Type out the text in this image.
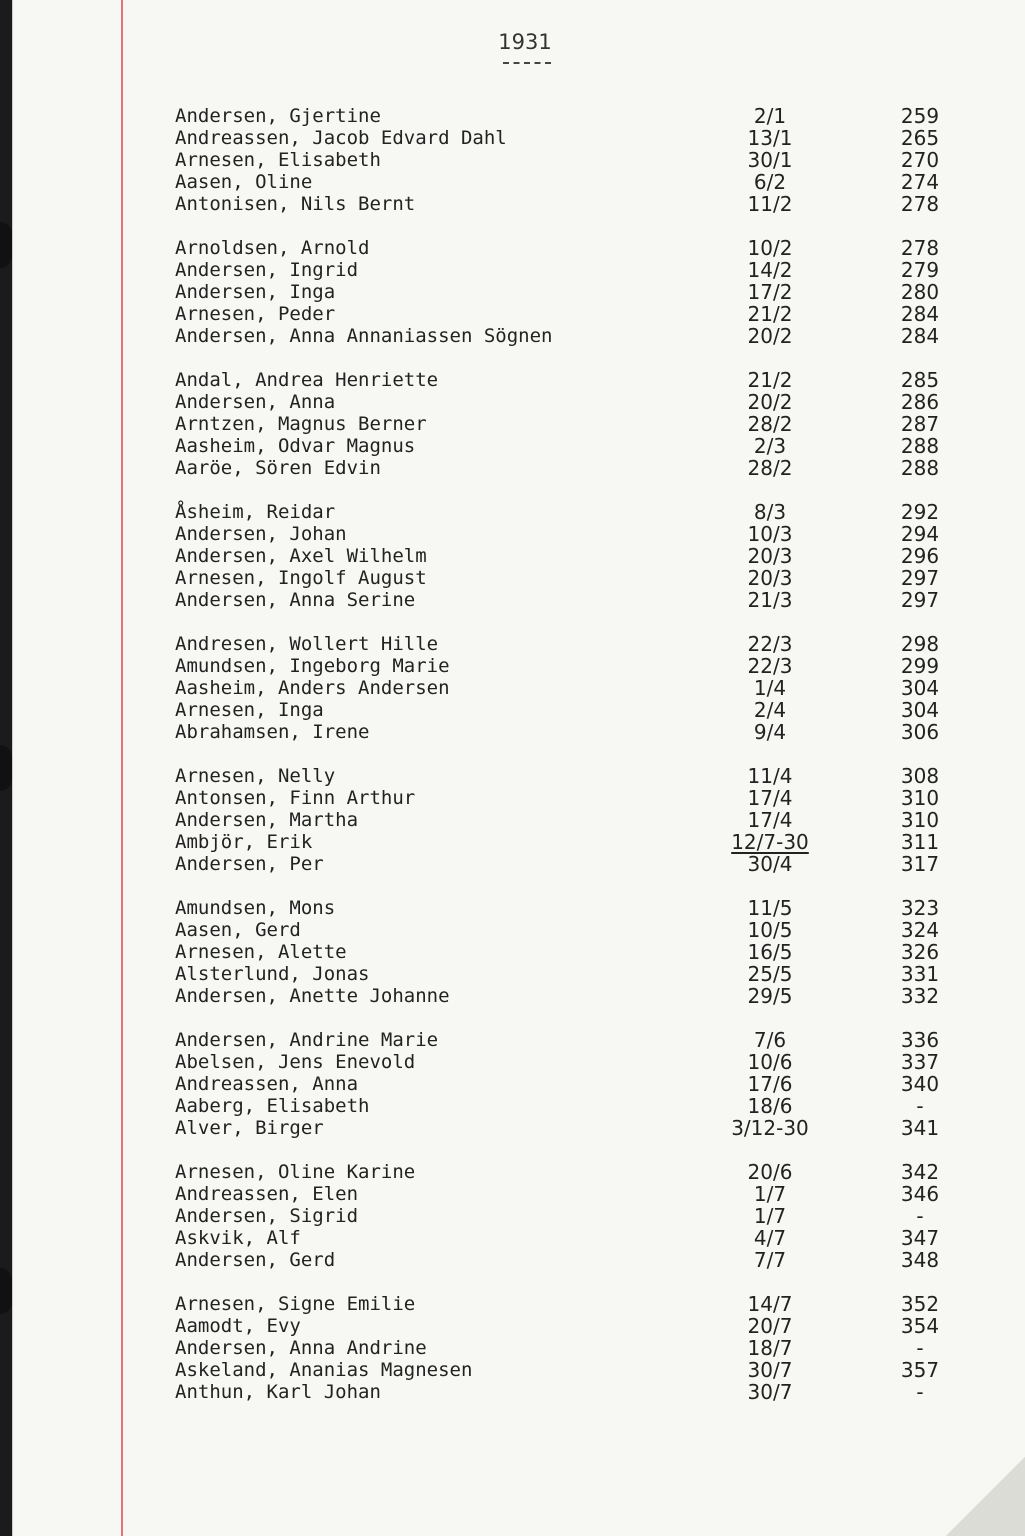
1931
Andersen, Gjertine	2/1	259
Andreassen, Jacob Edvard Dahl	13/1	265
Arnesen, Elisabeth	30/1	270
Aasen, Oline	6/2	274
Antonisen, Nils Bernt	11/2	278
Arnoldsen, Arnold	10/2	278
Andersen, Ingrid	14/2	279
Andersen, Inga	17/2	280
Arnesen, Peder	21/2	284
Andersen, Anna Annaniassen Sögnen	20/2	284
Andal, Andrea Henriette	21/2	285
Andersen, Anna	20/2	286
Arntzen, Magnus Berner	28/2	287
Aasheim, Odvar Magnus	2/3	288
Aaröe, Sören Edvin	28/2	288
Åsheim, Reidar	8/3	292
Andersen, Johan	10/3	294
Andersen, Axel Wilhelm	20/3	296
Arnesen, Ingolf August	20/3	297
Andersen, Anna Serine	21/3	297
Andresen, Wollert Hille	22/3	298
Amundsen, Ingeborg Marie	22/3	299
Aasheim, Anders Andersen	1/4	304
Arnesen, Inga	2/4	304
Abrahamsen, Irene	9/4	306
Arnesen, Nelly	11/4	308
Antonsen, Finn Arthur	17/4	310
Andersen, Martha	17/4	310
Ambjör, Erik	12/7-30	311
Andersen, Per	30/4	317
Amundsen, Mons	11/5	323
Aasen, Gerd	10/5	324
Arnesen, Alette	16/5	326
Alsterlund, Jonas	25/5	331
Andersen, Anette Johanne	29/5	332
Andersen, Andrine Marie	7/6	336
Abelsen, Jens Enevold	10/6	337
Andreassen, Anna	17/6	340
Aaberg, Elisabeth	18/6	-
Alver, Birger	3/12-30	341
Arnesen, Oline Karine	20/6	342
Andreassen, Elen	1/7	346
Andersen, Sigrid	1/7	-
Askvik, Alf	4/7	347
Andersen, Gerd	7/7	348
Arnesen, Signe Emilie	14/7	352
Aamodt, Evy	20/7	354
Andersen, Anna Andrine	18/7	-
Askeland, Ananias Magnesen	30/7	357
Anthun, Karl Johan	30/7	-
